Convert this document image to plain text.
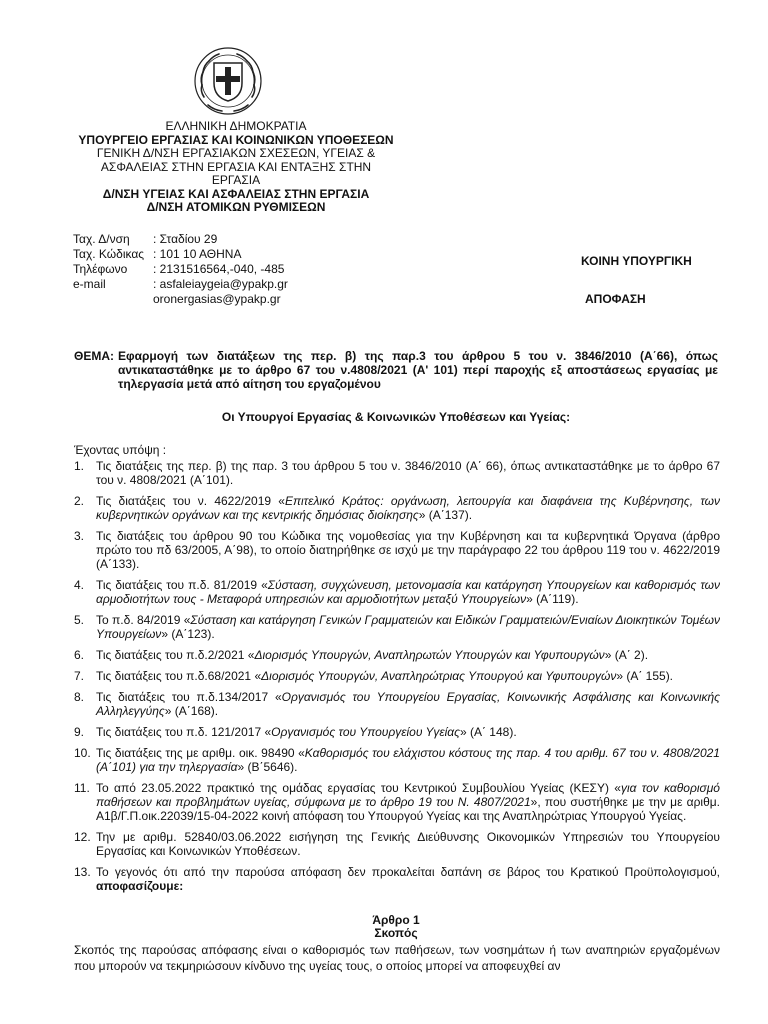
ΕΛΛΗΝΙΚΗ ΔΗΜΟΚΡΑΤΙΑ
ΥΠΟΥΡΓΕΙΟ ΕΡΓΑΣΙΑΣ ΚΑΙ ΚΟΙΝΩΝΙΚΩΝ ΥΠΟΘΕΣΕΩΝ
ΓΕΝΙΚΗ Δ/ΝΣΗ ΕΡΓΑΣΙΑΚΩΝ ΣΧΕΣΕΩΝ, ΥΓΕΙΑΣ & ΑΣΦΑΛΕΙΑΣ ΣΤΗΝ ΕΡΓΑΣΙΑ ΚΑΙ ΕΝΤΑΞΗΣ ΣΤΗΝ ΕΡΓΑΣΙΑ
Δ/ΝΣΗ ΥΓΕΙΑΣ ΚΑΙ ΑΣΦΑΛΕΙΑΣ ΣΤΗΝ ΕΡΓΑΣΙΑ
Δ/ΝΣΗ ΑΤΟΜΙΚΩΝ ΡΥΘΜΙΣΕΩΝ
Ταχ. Δ/νση	: Σταδίου 29
Ταχ. Κώδικας : 101 10 ΑΘΗΝΑ
Τηλέφωνο	: 2131516564,-040, -485
e-mail	: asfaleiaygeia@ypakp.gr
oronergasias@ypakp.gr
ΚΟΙΝΗ ΥΠΟΥΡΓΙΚΗ
ΑΠΟΦΑΣΗ
ΘΕΜΑ: Εφαρμογή των διατάξεων της περ. β) της παρ.3 του άρθρου 5 του ν. 3846/2010 (Α΄66), όπως αντικαταστάθηκε με το άρθρο 67 του ν.4808/2021 (Α' 101) περί παροχής εξ αποστάσεως εργασίας με τηλεργασία μετά από αίτηση του εργαζομένου
Οι Υπουργοί Εργασίας & Κοινωνικών Υποθέσεων και Υγείας:
Έχοντας υπόψη :
1. Τις διατάξεις της περ. β) της παρ. 3 του άρθρου 5 του ν. 3846/2010 (Α΄ 66), όπως αντικαταστάθηκε με το άρθρο 67 του ν. 4808/2021 (Α΄101).
2. Τις διατάξεις του ν. 4622/2019 «Επιτελικό Κράτος: οργάνωση, λειτουργία και διαφάνεια της Κυβέρνησης, των κυβερνητικών οργάνων και της κεντρικής δημόσιας διοίκησης» (Α΄137).
3. Τις διατάξεις του άρθρου 90 του Κώδικα της νομοθεσίας για την Κυβέρνηση και τα κυβερνητικά Όργανα (άρθρο πρώτο του πδ 63/2005, Α΄98), το οποίο διατηρήθηκε σε ισχύ με την παράγραφο 22 του άρθρου 119 του ν. 4622/2019 (Α΄133).
4. Τις διατάξεις του π.δ. 81/2019 «Σύσταση, συγχώνευση, μετονομασία και κατάργηση Υπουργείων και καθορισμός των αρμοδιοτήτων τους - Μεταφορά υπηρεσιών και αρμοδιοτήτων μεταξύ Υπουργείων» (Α΄119).
5. Το π.δ. 84/2019 «Σύσταση και κατάργηση Γενικών Γραμματειών και Ειδικών Γραμματειών/Ενιαίων Διοικητικών Τομέων Υπουργείων» (Α΄123).
6. Τις διατάξεις του π.δ.2/2021 «Διορισμός Υπουργών, Αναπληρωτών Υπουργών και Υφυπουργών» (Α΄ 2).
7. Τις διατάξεις του π.δ.68/2021 «Διορισμός Υπουργών, Αναπληρώτριας Υπουργού και Υφυπουργών» (Α΄ 155).
8. Τις διατάξεις του π.δ.134/2017 «Οργανισμός του Υπουργείου Εργασίας, Κοινωνικής Ασφάλισης και Κοινωνικής Αλληλεγγύης» (Α΄168).
9. Τις διατάξεις του π.δ. 121/2017 «Οργανισμός του Υπουργείου Υγείας» (Α΄ 148).
10. Τις διατάξεις της με αριθμ. οικ. 98490 «Καθορισμός του ελάχιστου κόστους της παρ. 4 του αριθμ. 67 του ν. 4808/2021 (Α΄101) για την τηλεργασία» (Β΄5646).
11. Το από 23.05.2022 πρακτικό της ομάδας εργασίας του Κεντρικού Συμβουλίου Υγείας (ΚΕΣΥ) «για τον καθορισμό παθήσεων και προβλημάτων υγείας, σύμφωνα με το άρθρο 19 του Ν. 4807/2021», που συστήθηκε με την με αριθμ. Α1β/Γ.Π.οικ.22039/15-04-2022 κοινή απόφαση του Υπουργού Υγείας και της Αναπληρώτριας Υπουργού Υγείας.
12. Την με αριθμ. 52840/03.06.2022 εισήγηση της Γενικής Διεύθυνσης Οικονομικών Υπηρεσιών του Υπουργείου Εργασίας και Κοινωνικών Υποθέσεων.
13. Το γεγονός ότι από την παρούσα απόφαση δεν προκαλείται δαπάνη σε βάρος του Κρατικού Προϋπολογισμού, αποφασίζουμε:
Άρθρο 1
Σκοπός
Σκοπός της παρούσας απόφασης είναι ο καθορισμός των παθήσεων, των νοσημάτων ή των αναπηριών εργαζομένων που μπορούν να τεκμηριώσουν κίνδυνο της υγείας τους, ο οποίος μπορεί να αποφευχθεί αν
